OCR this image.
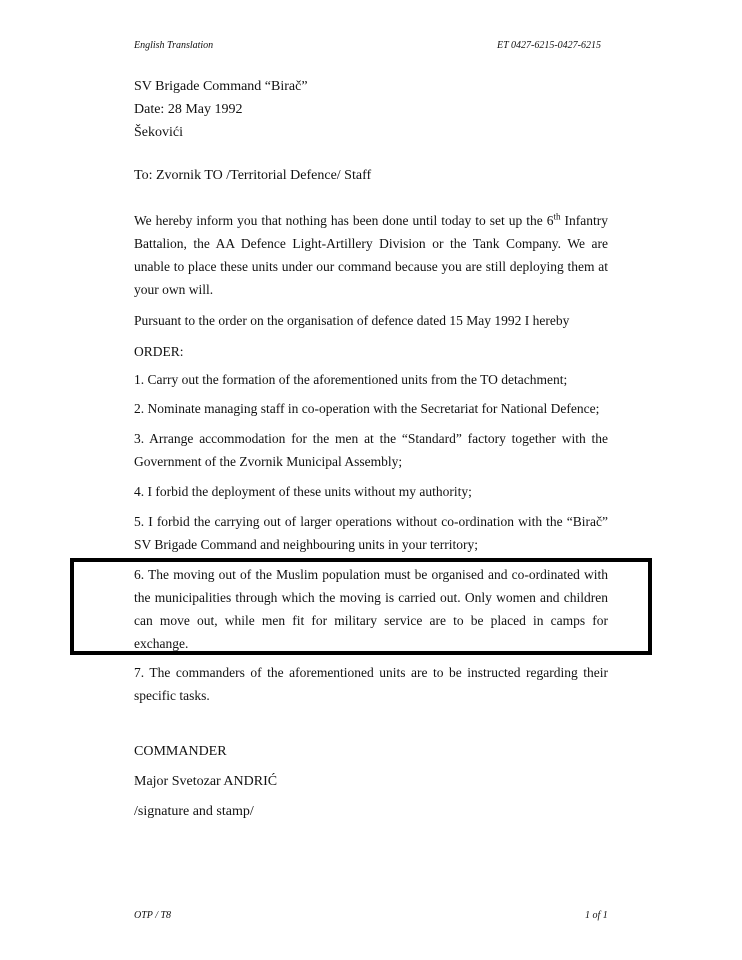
English Translation	ET 0427-6215-0427-6215
SV Brigade Command “Birač”
Date: 28 May 1992
Šekovići
To: Zvornik TO /Territorial Defence/ Staff
We hereby inform you that nothing has been done until today to set up the 6th Infantry Battalion, the AA Defence Light-Artillery Division or the Tank Company. We are unable to place these units under our command because you are still deploying them at your own will.
Pursuant to the order on the organisation of defence dated 15 May 1992 I hereby
ORDER:
1. Carry out the formation of the aforementioned units from the TO detachment;
2. Nominate managing staff in co-operation with the Secretariat for National Defence;
3. Arrange accommodation for the men at the “Standard” factory together with the Government of the Zvornik Municipal Assembly;
4. I forbid the deployment of these units without my authority;
5. I forbid the carrying out of larger operations without co-ordination with the “Birač” SV Brigade Command and neighbouring units in your territory;
6. The moving out of the Muslim population must be organised and co-ordinated with the municipalities through which the moving is carried out. Only women and children can move out, while men fit for military service are to be placed in camps for exchange.
7. The commanders of the aforementioned units are to be instructed regarding their specific tasks.
COMMANDER
Major Svetozar ANDRIĆ
/signature and stamp/
OTP / T8	1 of 1
